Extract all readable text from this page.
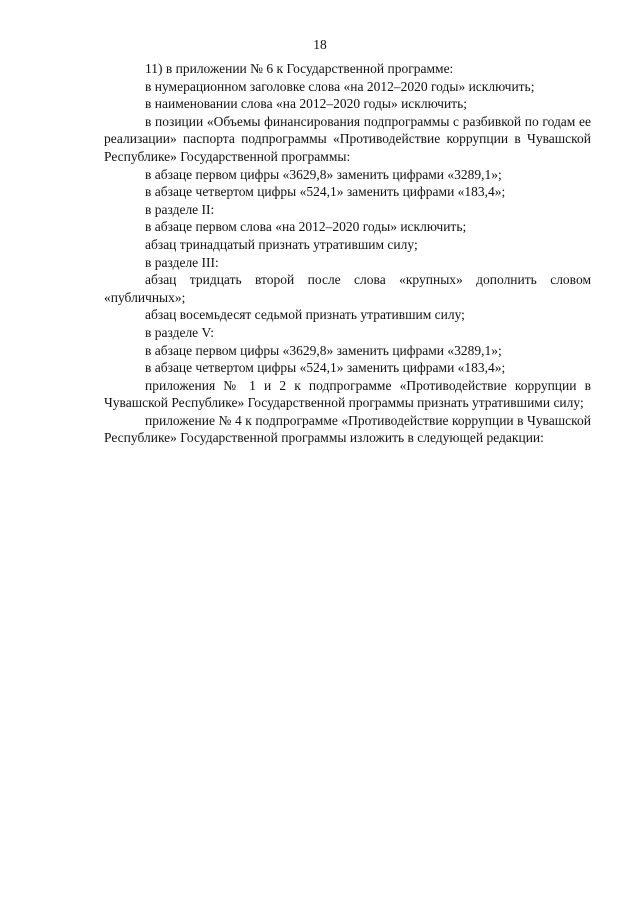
18

11) в приложении № 6 к Государственной программе:

в нумерационном заголовке слова «на 2012–2020 годы» исключить;

в наименовании слова «на 2012–2020 годы» исключить;

в позиции «Объемы финансирования подпрограммы с разбивкой по годам ее реализации» паспорта подпрограммы «Противодействие коррупции в Чувашской Республике» Государственной программы:

в абзаце первом цифры «3629,8» заменить цифрами «3289,1»;

в абзаце четвертом цифры «524,1» заменить цифрами «183,4»;

в разделе II:

в абзаце первом слова «на 2012–2020 годы» исключить;

абзац тринадцатый признать утратившим силу;

в разделе III:

абзац тридцать второй после слова «крупных» дополнить словом «публичных»;

абзац восемьдесят седьмой признать утратившим силу;

в разделе V:

в абзаце первом цифры «3629,8» заменить цифрами «3289,1»;

в абзаце четвертом цифры «524,1» заменить цифрами «183,4»;

приложения № 1 и 2 к подпрограмме «Противодействие коррупции в Чувашской Республике» Государственной программы признать утратившими силу;

приложение № 4 к подпрограмме «Противодействие коррупции в Чувашской Республике» Государственной программы изложить в следующей редакции:
